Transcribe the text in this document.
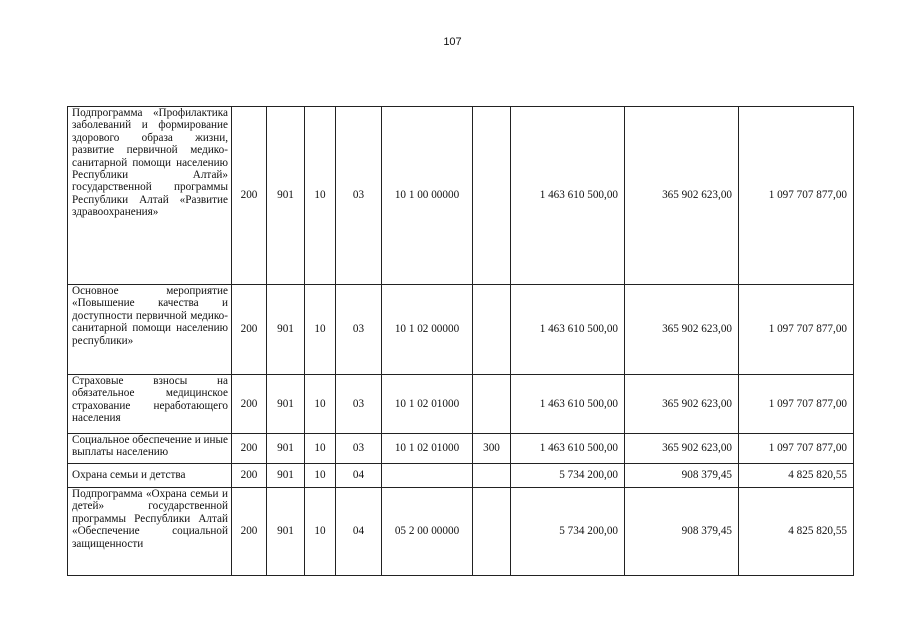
107
Подпрограмма «Профилактика заболеваний и формирование здорового образа жизни, развитие первичной медико-санитарной помощи населению Республики Алтай» государственной программы Республики Алтай «Развитие здравоохранения»	200	901	10	03	10 1 00 00000		1 463 610 500,00	365 902 623,00	1 097 707 877,00
Основное мероприятие «Повышение качества и доступности первичной медико-санитарной помощи населению республики»	200	901	10	03	10 1 02 00000		1 463 610 500,00	365 902 623,00	1 097 707 877,00
Страховые взносы на обязательное медицинское страхование неработающего населения	200	901	10	03	10 1 02 01000		1 463 610 500,00	365 902 623,00	1 097 707 877,00
Социальное обеспечение и иные выплаты населению	200	901	10	03	10 1 02 01000	300	1 463 610 500,00	365 902 623,00	1 097 707 877,00
Охрана семьи и детства	200	901	10	04			5 734 200,00	908 379,45	4 825 820,55
Подпрограмма «Охрана семьи и детей» государственной программы Республики Алтай «Обеспечение социальной защищенности	200	901	10	04	05 2 00 00000		5 734 200,00	908 379,45	4 825 820,55
